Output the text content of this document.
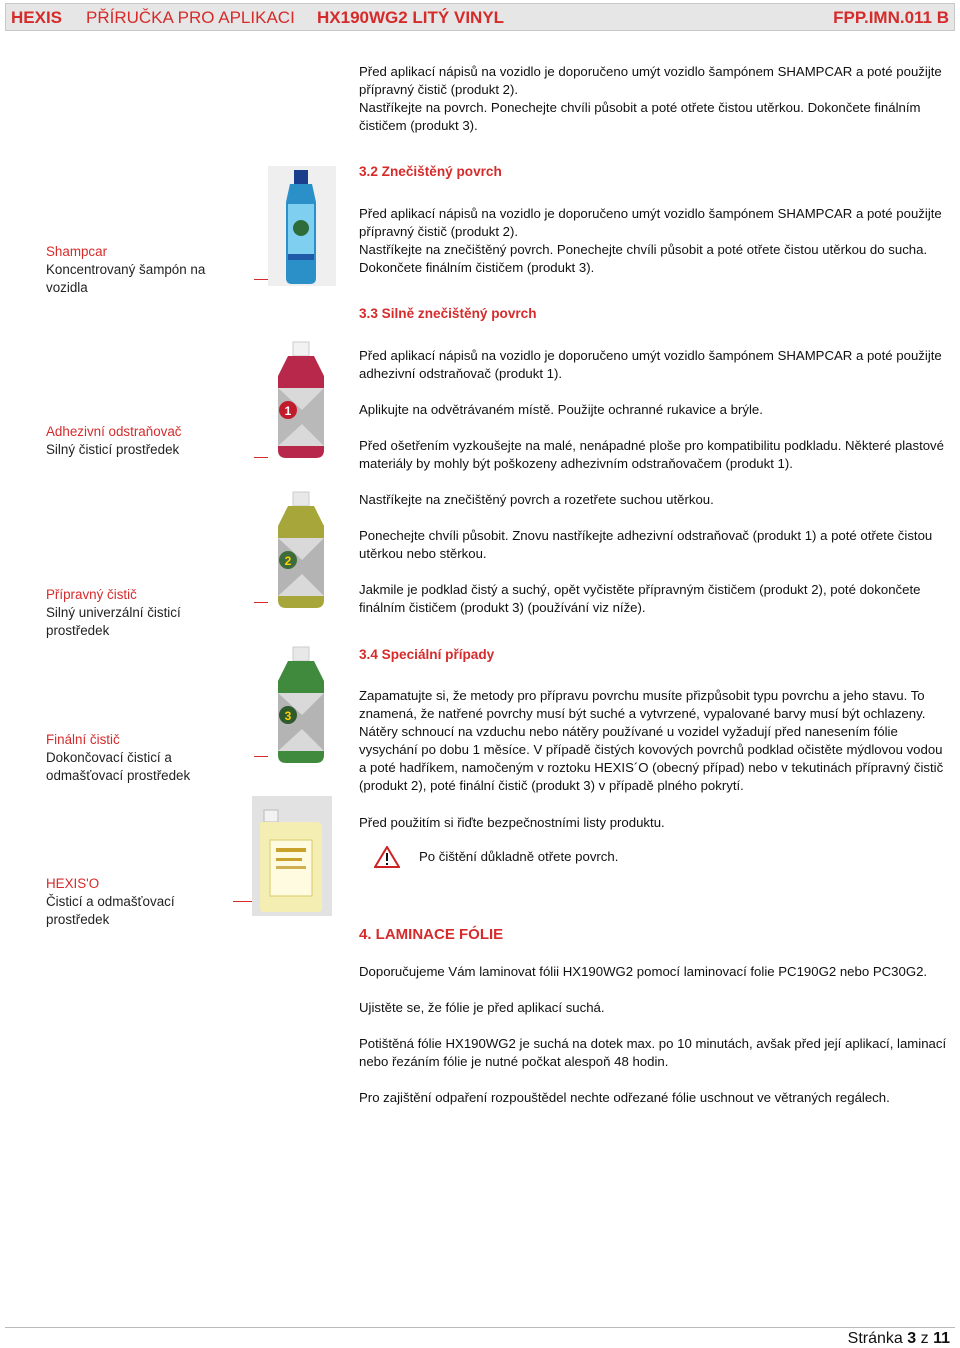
HEXIS PŘÍRUČKA PRO APLIKACI HX190WG2 LITÝ VINYL	FPP.IMN.011 B

Před aplikací nápisů na vozidlo je doporučeno umýt vozidlo šampónem SHAMPCAR a poté použijte přípravný čistič (produkt 2).

Nastříkejte na povrch. Ponechejte chvíli působit a poté otřete čistou utěrkou. Dokončete finálním čističem (produkt 3).

3.2 Znečištěný povrch

Před aplikací nápisů na vozidlo je doporučeno umýt vozidlo šampónem SHAMPCAR a poté použijte přípravný čistič (produkt 2).

Nastříkejte na znečištěný povrch. Ponechejte chvíli působit a poté otřete čistou utěrkou do sucha. Dokončete finálním čističem (produkt 3).

3.3 Silně znečištěný povrch

Před aplikací nápisů na vozidlo je doporučeno umýt vozidlo šampónem SHAMPCAR a poté použijte adhezivní odstraňovač (produkt 1).

Aplikujte na odvětrávaném místě. Použijte ochranné rukavice a brýle.

Před ošetřením vyzkoušejte na malé, nenápadné ploše pro kompatibilitu podkladu. Některé plastové materiály by mohly být poškozeny adhezivním odstraňovačem (produkt 1).

Nastříkejte na znečištěný povrch a rozetřete suchou utěrkou.

Ponechejte chvíli působit. Znovu nastříkejte adhezivní odstraňovač (produkt 1) a poté otřete čistou utěrkou nebo stěrkou.

Jakmile je podklad čistý a suchý, opět vyčistěte přípravným čističem (produkt 2), poté dokončete finálním čističem (produkt 3) (používání viz níže).

3.4 Speciální případy

Zapamatujte si, že metody pro přípravu povrchu musíte přizpůsobit typu povrchu a jeho stavu. To znamená, že natřené povrchy musí být suché a vytvrzené, vypalované barvy musí být ochlazeny. Nátěry schnoucí na vzduchu nebo nátěry používané u vozidel vyžadují před nanesením fólie vysychání po dobu 1 měsíce. V případě čistých kovových povrchů podklad očistěte mýdlovou vodou a poté hadříkem, namočeným v roztoku HEXIS´O (obecný případ) nebo v tekutinách přípravný čistič (produkt 2), poté finální čistič (produkt 3) v případě plného pokrytí.

Před použitím si řiďte bezpečnostními listy produktu.

Po čištění důkladně otřete povrch.

4. LAMINACE FÓLIE

Doporučujeme Vám laminovat fólii HX190WG2 pomocí laminovací folie PC190G2 nebo PC30G2.

Ujistěte se, že fólie je před aplikací suchá.

Potištěná fólie HX190WG2 je suchá na dotek max. po 10 minutách, avšak před její aplikací, laminací nebo řezáním fólie je nutné počkat alespoň 48 hodin.

Pro zajištění odpaření rozpouštědel nechte odřezané fólie uschnout ve větraných regálech.

Shampcar
Koncentrovaný šampón na vozidla

Adhezivní odstraňovač
Silný čisticí prostředek

Přípravný čistič
Silný univerzální čisticí prostředek

Finální čistič
Dokončovací čisticí a odmašťovací prostředek

HEXIS'O
Čisticí a odmašťovací prostředek

1
2
3
Stránka 3 z 11
